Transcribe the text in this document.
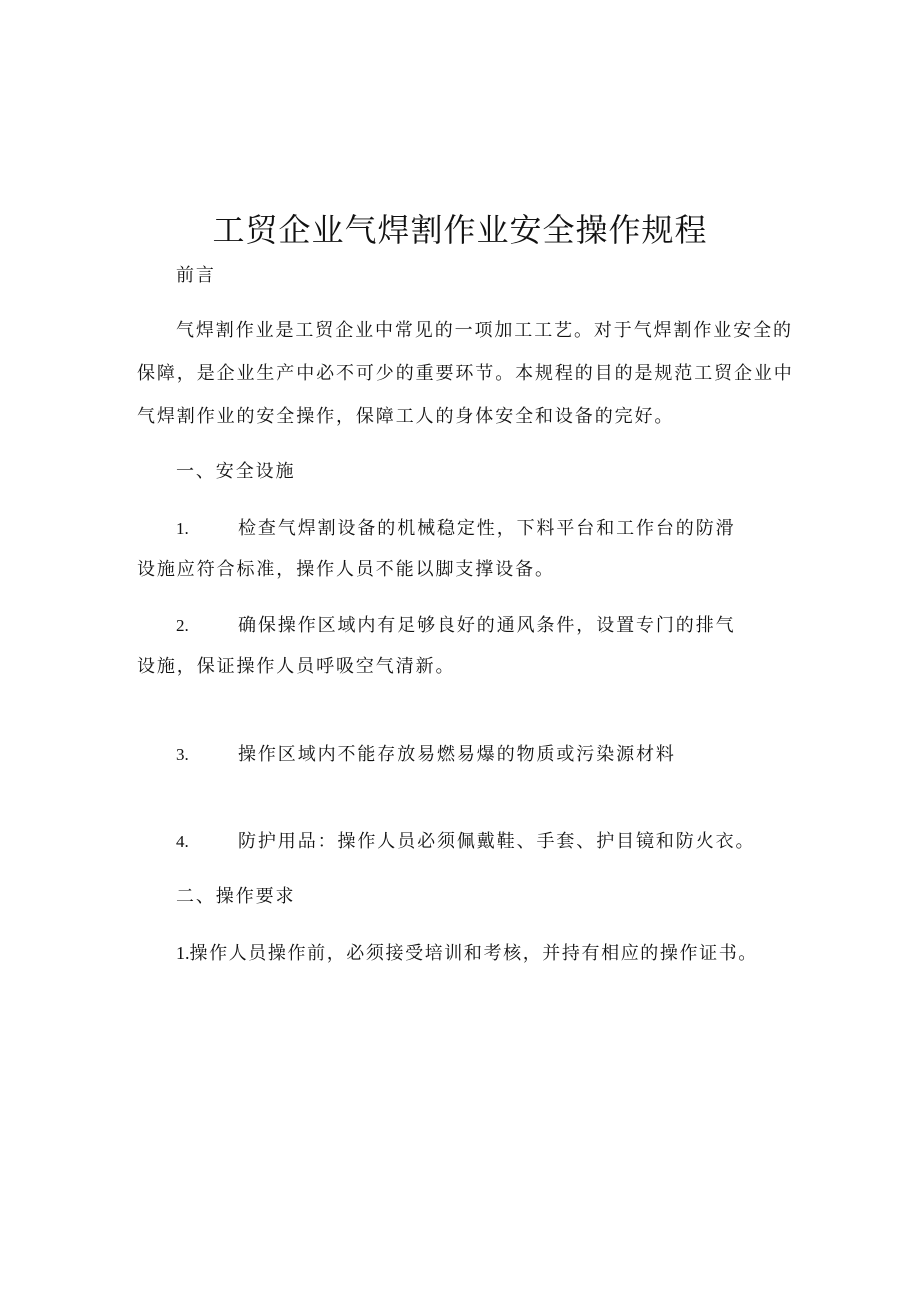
工贸企业气焊割作业安全操作规程

前言

气焊割作业是工贸企业中常见的一项加工工艺。对于气焊割作业安全的

保障，是企业生产中必不可少的重要环节。本规程的目的是规范工贸企业中

气焊割作业的安全操作，保障工人的身体安全和设备的完好。

一、安全设施

1.	检查气焊割设备的机械稳定性，下料平台和工作台的防滑

设施应符合标准，操作人员不能以脚支撑设备。

2.	确保操作区域内有足够良好的通风条件，设置专门的排气

设施，保证操作人员呼吸空气清新。

3.	操作区域内不能存放易燃易爆的物质或污染源材料

4.	防护用品：操作人员必须佩戴鞋、手套、护目镜和防火衣。

二、操作要求

1.操作人员操作前，必须接受培训和考核，并持有相应的操作证书。
